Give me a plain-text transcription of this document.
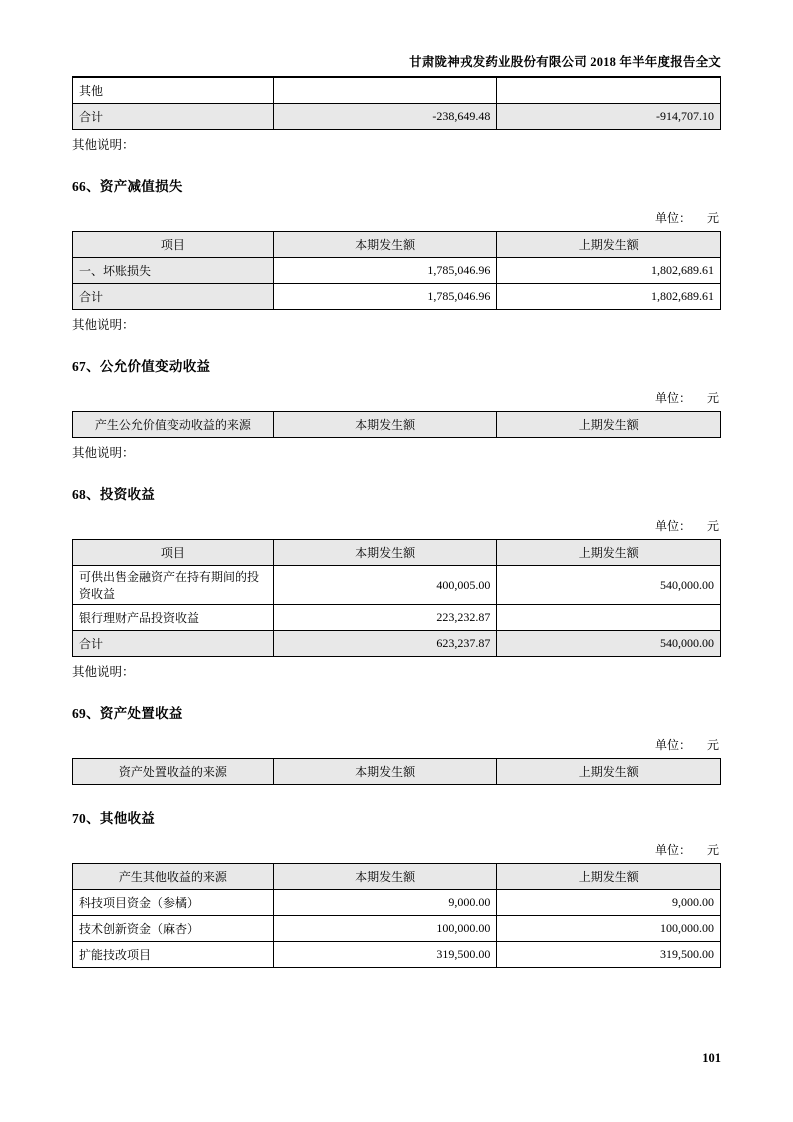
甘肃陇神戎发药业股份有限公司 2018 年半年度报告全文
其他		
合计	-238,649.48	-914,707.10

其他说明：

66、资产减值损失
单位： 元
项目	本期发生额	上期发生额
一、坏账损失	1,785,046.96	1,802,689.61
合计	1,785,046.96	1,802,689.61

其他说明：

67、公允价值变动收益
单位： 元
产生公允价值变动收益的来源	本期发生额	上期发生额

其他说明：

68、投资收益
单位： 元
项目	本期发生额	上期发生额
可供出售金融资产在持有期间的投资收益	400,005.00	540,000.00
银行理财产品投资收益	223,232.87	
合计	623,237.87	540,000.00

其他说明：

69、资产处置收益
单位： 元
资产处置收益的来源	本期发生额	上期发生额
70、其他收益
单位： 元
产生其他收益的来源	本期发生额	上期发生额
科技项目资金（参橘）	9,000.00	9,000.00
技术创新资金（麻杏）	100,000.00	100,000.00
扩能技改项目	319,500.00	319,500.00
101
